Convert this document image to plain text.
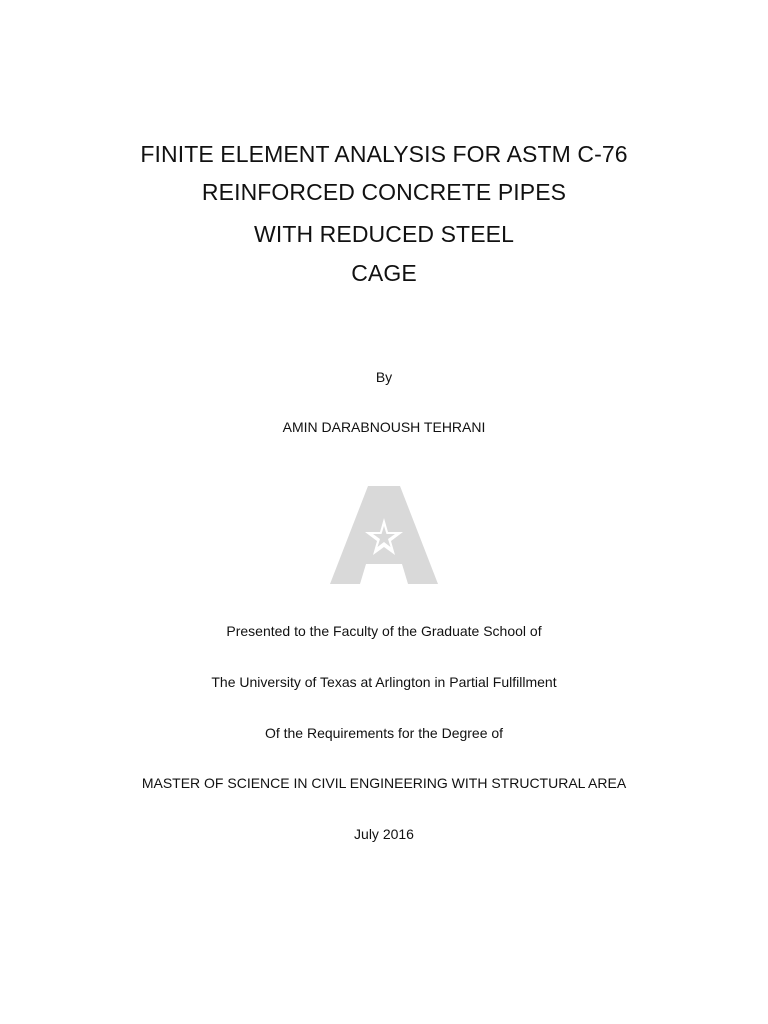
FINITE ELEMENT ANALYSIS FOR ASTM C-76
REINFORCED CONCRETE PIPES
WITH REDUCED STEEL
CAGE
By
AMIN DARABNOUSH TEHRANI
Presented to the Faculty of the Graduate School of
The University of Texas at Arlington in Partial Fulfillment
Of the Requirements for the Degree of
MASTER OF SCIENCE IN CIVIL ENGINEERING WITH STRUCTURAL AREA
July 2016
